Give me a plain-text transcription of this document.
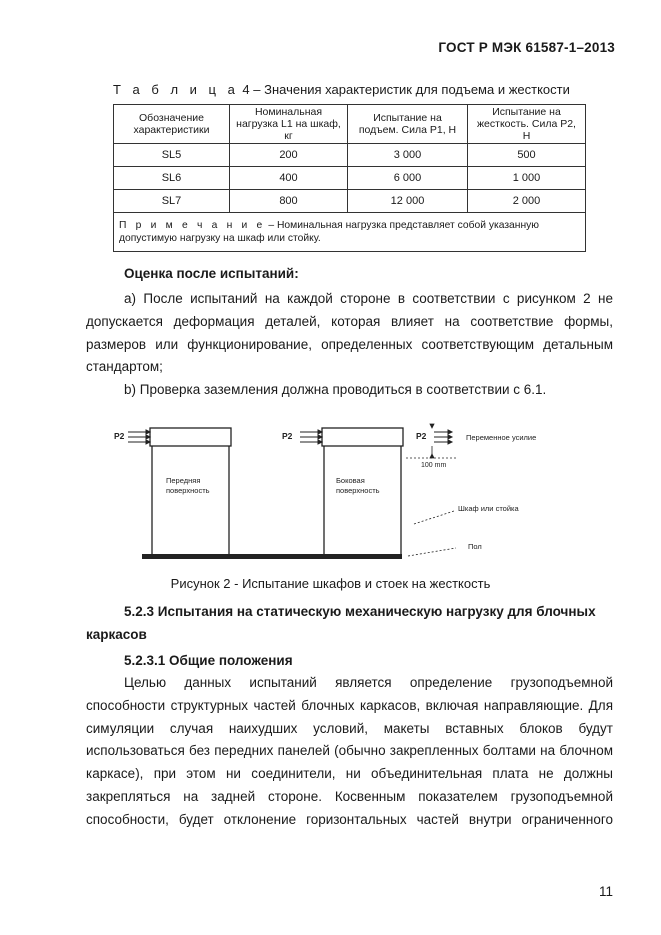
ГОСТ Р МЭК 61587-1–2013
Т а б л и ц а 4 – Значения характеристик для подъема и жесткости
Обозначение характеристики	Номинальная нагрузка L1 на шкаф, кг	Испытание на подъем. Сила Р1, Н	Испытание на жесткость. Сила Р2, Н
SL5	200	3 000	500
SL6	400	6 000	1 000
SL7	800	12 000	2 000
П р и м е ч а н и е – Номинальная нагрузка представляет собой указанную допустимую нагрузку на шкаф или стойку.			
Оценка после испытаний:
а) После испытаний на каждой стороне в соответствии с рисунком 2 не
допускается деформация деталей, которая влияет на соответствие формы,
размеров или функционирование, определенных соответствующим детальным
стандартом;
b) Проверка заземления должна проводиться в соответствии с 6.1.
Р2	Р2	Р2
100 mm
Переменное усилие
Шкаф или стойка
Пол
Передняя
поверхность
Боковая
поверхность
Рисунок 2 - Испытание шкафов и стоек на жесткость
5.2.3 Испытания на статическую механическую нагрузку для блочных
каркасов
5.2.3.1 Общие положения
Целью данных испытаний является определение грузоподъемной
способности структурных частей блочных каркасов, включая направляющие. Для
симуляции случая наихудших условий, макеты вставных блоков будут
использоваться без передних панелей (обычно закрепленных болтами на блочном
каркасе), при этом ни соединители, ни объединительная плата не должны
закрепляться на задней стороне. Косвенным показателем грузоподъемной
способности, будет отклонение горизонтальных частей внутри ограниченного
11
